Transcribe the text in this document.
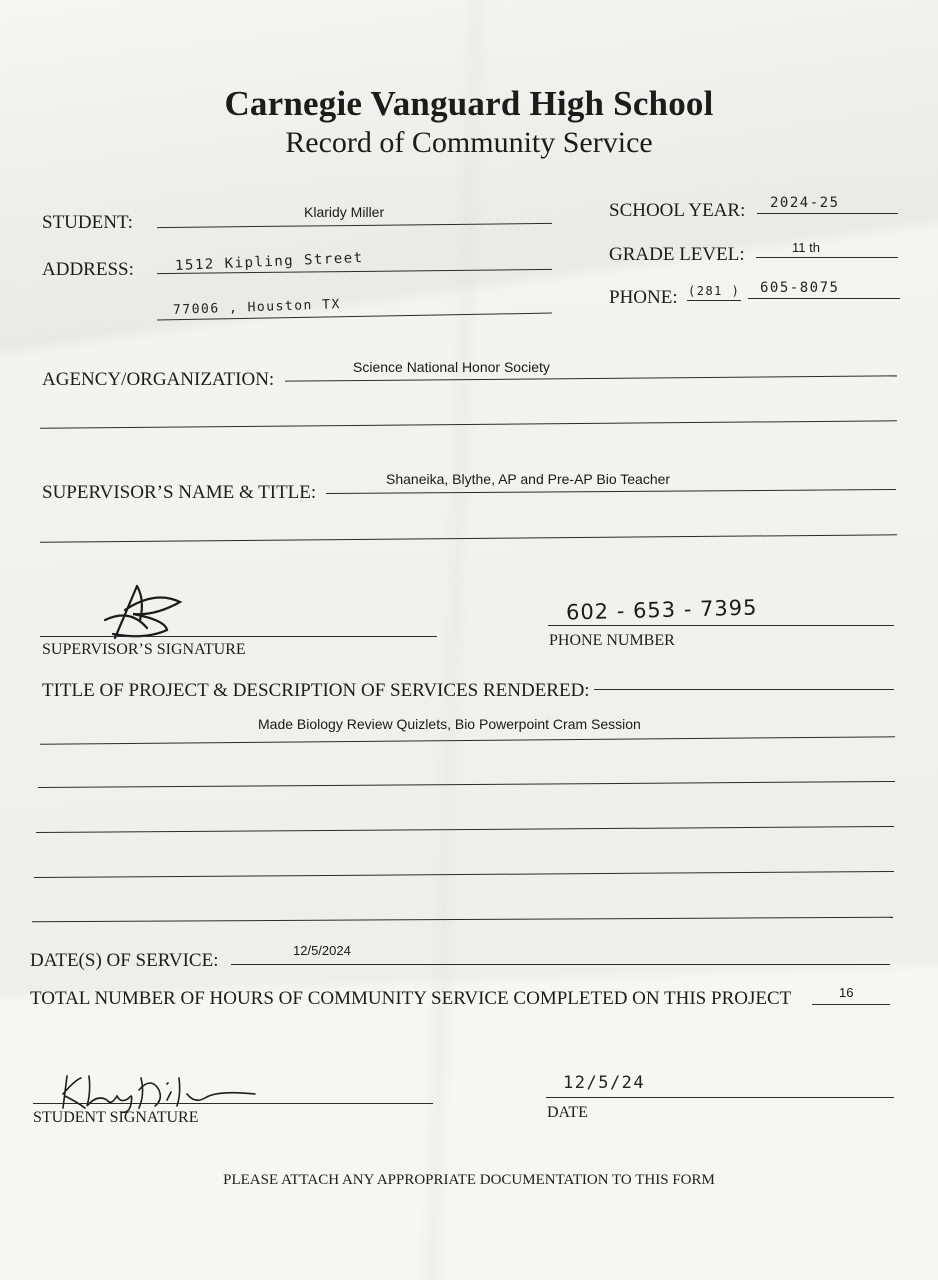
Carnegie Vanguard High School
Record of Community Service
STUDENT:	Klaridy Miller	SCHOOL YEAR: 2024-25
ADDRESS:	1512 Kipling Street
77006 , Houston TX
GRADE LEVEL:	11 th
PHONE: (281 ) 605-8075
AGENCY/ORGANIZATION:
Science National Honor Society
SUPERVISOR’S NAME & TITLE:
Shaneika, Blythe, AP and Pre-AP Bio Teacher
SUPERVISOR’S SIGNATURE
602 - 653 - 7395
PHONE NUMBER
TITLE OF PROJECT & DESCRIPTION OF SERVICES RENDERED:
Made Biology Review Quizlets, Bio Powerpoint Cram Session
DATE(S) OF SERVICE:	12/5/2024
TOTAL NUMBER OF HOURS OF COMMUNITY SERVICE COMPLETED ON THIS PROJECT	16
STUDENT SIGNATURE
12/5/24
DATE
PLEASE ATTACH ANY APPROPRIATE DOCUMENTATION TO THIS FORM
